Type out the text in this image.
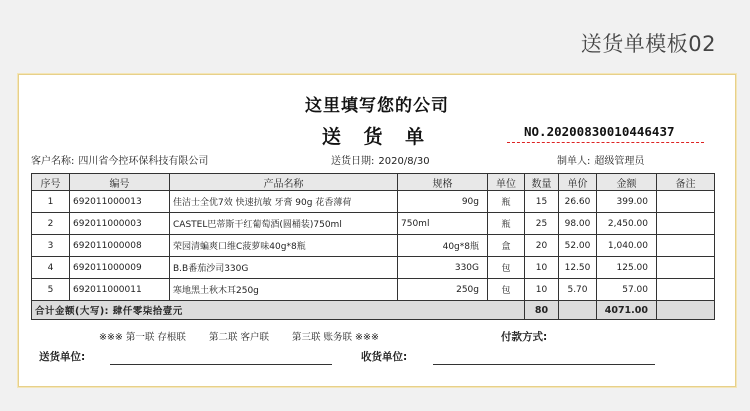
送货单模板02
这里填写您的公司
送 货 单	NO.20200830010446437
客户名称: 四川省今控环保科技有限公司	送货日期: 2020/8/30	制单人: 超级管理员
序号	编号	产品名称	规格	单位	数量	单价	金额	备注
1	692011000013	佳洁士全优7效 快速抗敏 牙膏 90g 花香薄荷	90g	瓶	15	26.60	399.00	
2	692011000003	CASTEL巴蒂斯干红葡萄酒(圆桶装)750ml	750ml	瓶	25	98.00	2,450.00	
3	692011000008	荣园清蝙爽口维C菠萝味40g*8瓶	40g*8瓶	盒	20	52.00	1,040.00	
4	692011000009	B.B番茄沙司330G	330G	包	10	12.50	125.00	
5	692011000011	寒地黑土秋木耳250g	250g	包	10	5.70	57.00	
合计金额(大写): 肆仟零柒拾壹元					80		4071.00	
※※※ 第一联 存根联 第二联 客户联 第三联 账务联 ※※※	付款方式:
送货单位:	收货单位:
